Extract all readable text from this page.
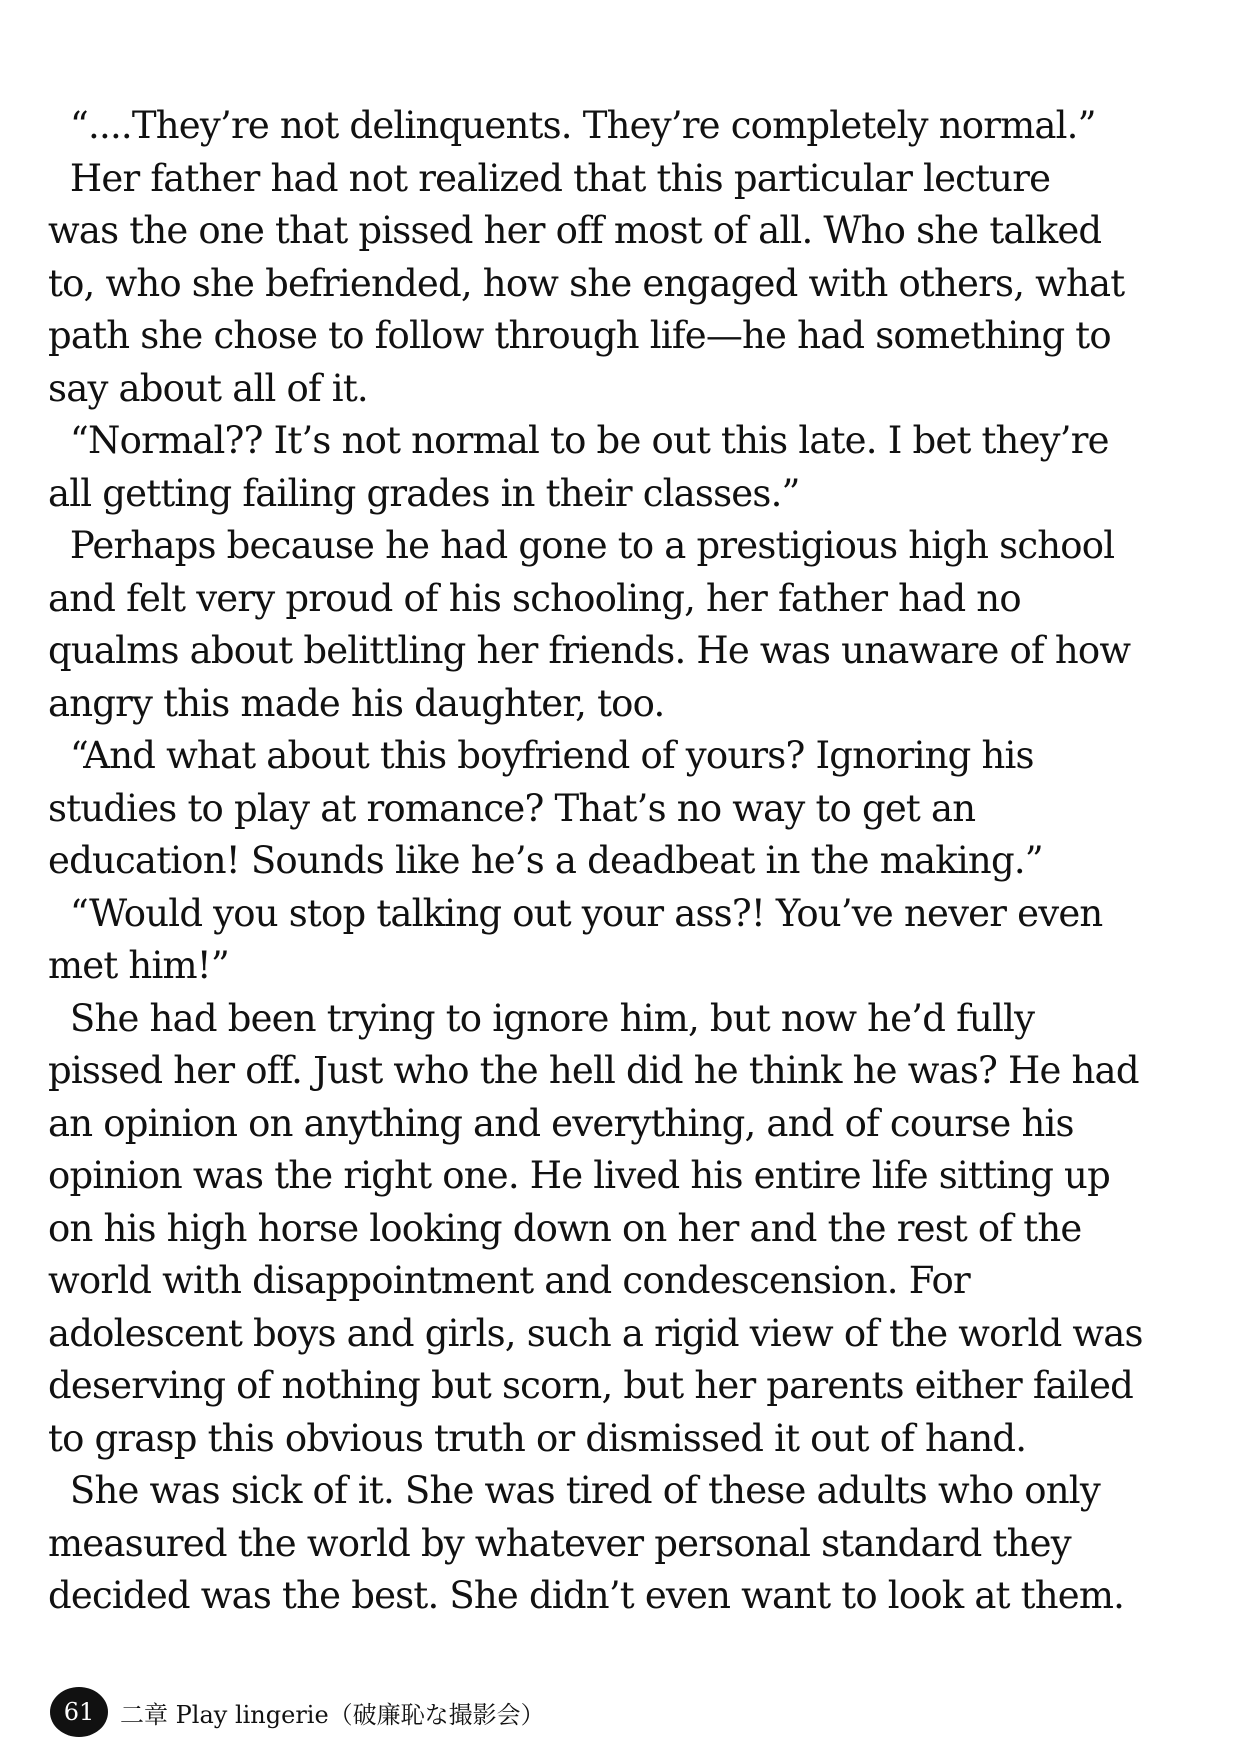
“....They’re not delinquents. They’re completely normal.”
Her father had not realized that this particular lecture
was the one that pissed her off most of all. Who she talked
to, who she befriended, how she engaged with others, what
path she chose to follow through life—he had something to
say about all of it.
“Normal?? It’s not normal to be out this late. I bet they’re
all getting failing grades in their classes.”
Perhaps because he had gone to a prestigious high school
and felt very proud of his schooling, her father had no
qualms about belittling her friends. He was unaware of how
angry this made his daughter, too.
“And what about this boyfriend of yours? Ignoring his
studies to play at romance? That’s no way to get an
education! Sounds like he’s a deadbeat in the making.”
“Would you stop talking out your ass?! You’ve never even
met him!”
She had been trying to ignore him, but now he’d fully
pissed her off. Just who the hell did he think he was? He had
an opinion on anything and everything, and of course his
opinion was the right one. He lived his entire life sitting up
on his high horse looking down on her and the rest of the
world with disappointment and condescension. For
adolescent boys and girls, such a rigid view of the world was
deserving of nothing but scorn, but her parents either failed
to grasp this obvious truth or dismissed it out of hand.
She was sick of it. She was tired of these adults who only
measured the world by whatever personal standard they
decided was the best. She didn’t even want to look at them.
61	二章 Play lingerie（破廉恥な撮影会）
